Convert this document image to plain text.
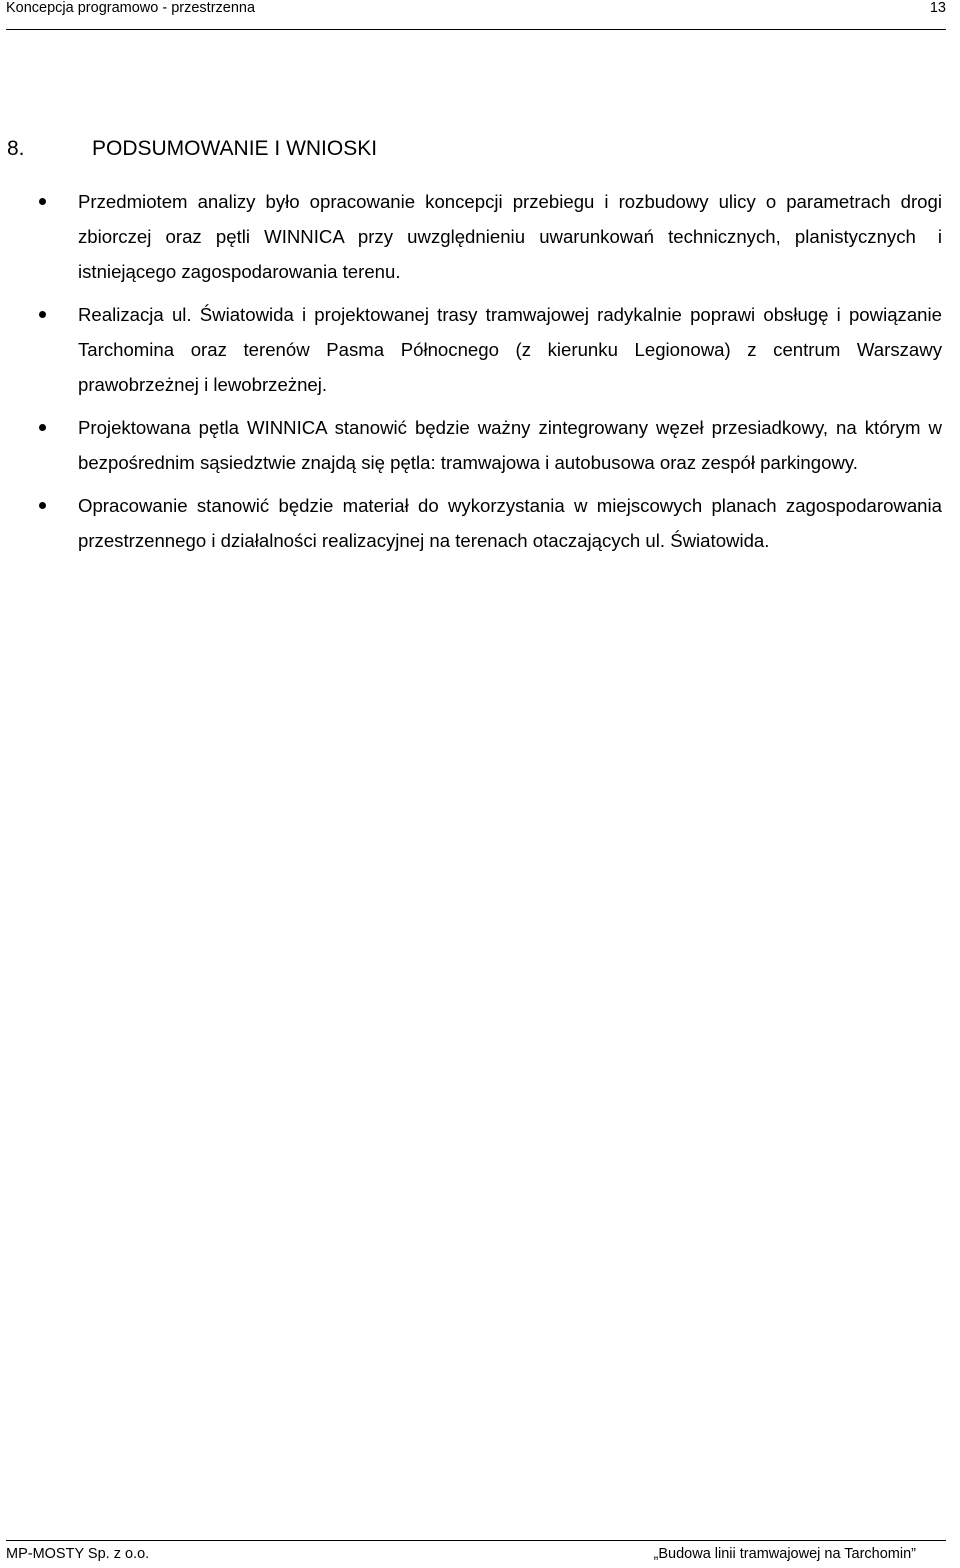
Koncepcja programowo - przestrzenna	13
8.	PODSUMOWANIE I WNIOSKI
Przedmiotem analizy było opracowanie koncepcji przebiegu i rozbudowy ulicy o parametrach drogi zbiorczej oraz pętli WINNICA przy uwzględnieniu uwarunkowań technicznych, planistycznych i istniejącego zagospodarowania terenu.
Realizacja ul. Światowida i projektowanej trasy tramwajowej radykalnie poprawi obsługę i powiązanie Tarchomina oraz terenów Pasma Północnego (z kierunku Legionowa) z centrum Warszawy prawobrzeżnej i lewobrzeżnej.
Projektowana pętla WINNICA stanowić będzie ważny zintegrowany węzeł przesiadkowy, na którym w bezpośrednim sąsiedztwie znajdą się pętla: tramwajowa i autobusowa oraz zespół parkingowy.
Opracowanie stanowić będzie materiał do wykorzystania w miejscowych planach zagospodarowania przestrzennego i działalności realizacyjnej na terenach otaczających ul. Światowida.
MP-MOSTY Sp. z o.o.	„Budowa linii tramwajowej na Tarchomin”
